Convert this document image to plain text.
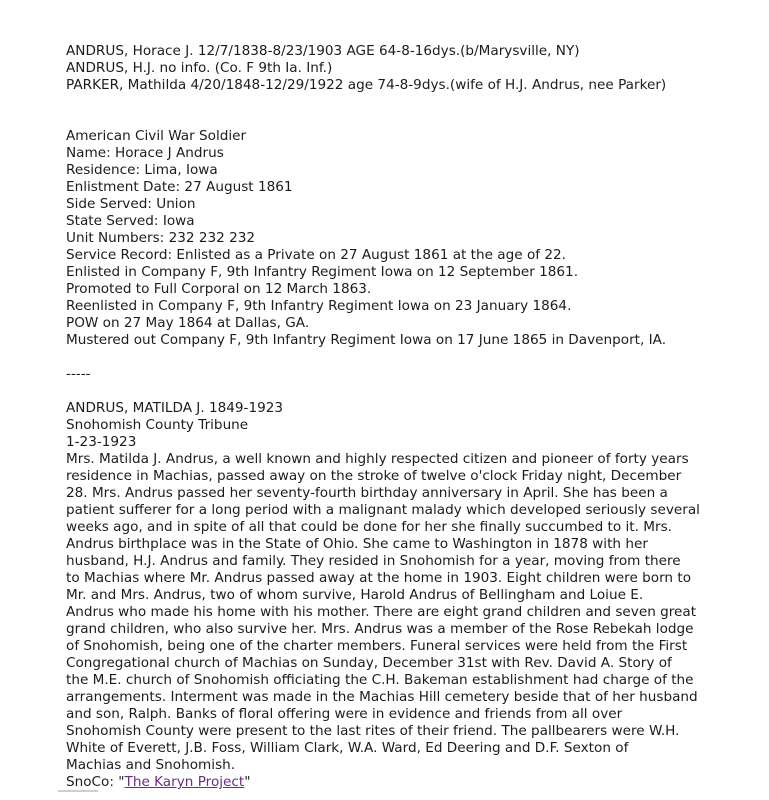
ANDRUS, Horace J. 12/7/1838-8/23/1903 AGE 64-8-16dys.(b/Marysville, NY)
ANDRUS, H.J. no info. (Co. F 9th Ia. Inf.)
PARKER, Mathilda 4/20/1848-12/29/1922 age 74-8-9dys.(wife of H.J. Andrus, nee Parker)
American Civil War Soldier
Name: Horace J Andrus
Residence: Lima, Iowa
Enlistment Date: 27 August 1861
Side Served: Union
State Served: Iowa
Unit Numbers: 232 232 232
Service Record: Enlisted as a Private on 27 August 1861 at the age of 22.
Enlisted in Company F, 9th Infantry Regiment Iowa on 12 September 1861.
Promoted to Full Corporal on 12 March 1863.
Reenlisted in Company F, 9th Infantry Regiment Iowa on 23 January 1864.
POW on 27 May 1864 at Dallas, GA.
Mustered out Company F, 9th Infantry Regiment Iowa on 17 June 1865 in Davenport, IA.
-----
ANDRUS, MATILDA J. 1849-1923
Snohomish County Tribune
1-23-1923
Mrs. Matilda J. Andrus, a well known and highly respected citizen and pioneer of forty years
residence in Machias, passed away on the stroke of twelve o'clock Friday night, December
28. Mrs. Andrus passed her seventy-fourth birthday anniversary in April. She has been a
patient sufferer for a long period with a malignant malady which developed seriously several
weeks ago, and in spite of all that could be done for her she finally succumbed to it. Mrs.
Andrus birthplace was in the State of Ohio. She came to Washington in 1878 with her
husband, H.J. Andrus and family. They resided in Snohomish for a year, moving from there
to Machias where Mr. Andrus passed away at the home in 1903. Eight children were born to
Mr. and Mrs. Andrus, two of whom survive, Harold Andrus of Bellingham and Loiue E.
Andrus who made his home with his mother. There are eight grand children and seven great
grand children, who also survive her. Mrs. Andrus was a member of the Rose Rebekah lodge
of Snohomish, being one of the charter members. Funeral services were held from the First
Congregational church of Machias on Sunday, December 31st with Rev. David A. Story of
the M.E. church of Snohomish officiating the C.H. Bakeman establishment had charge of the
arrangements. Interment was made in the Machias Hill cemetery beside that of her husband
and son, Ralph. Banks of floral offering were in evidence and friends from all over
Snohomish County were present to the last rites of their friend. The pallbearers were W.H.
White of Everett, J.B. Foss, William Clark, W.A. Ward, Ed Deering and D.F. Sexton of
Machias and Snohomish.
SnoCo: "The Karyn Project"
